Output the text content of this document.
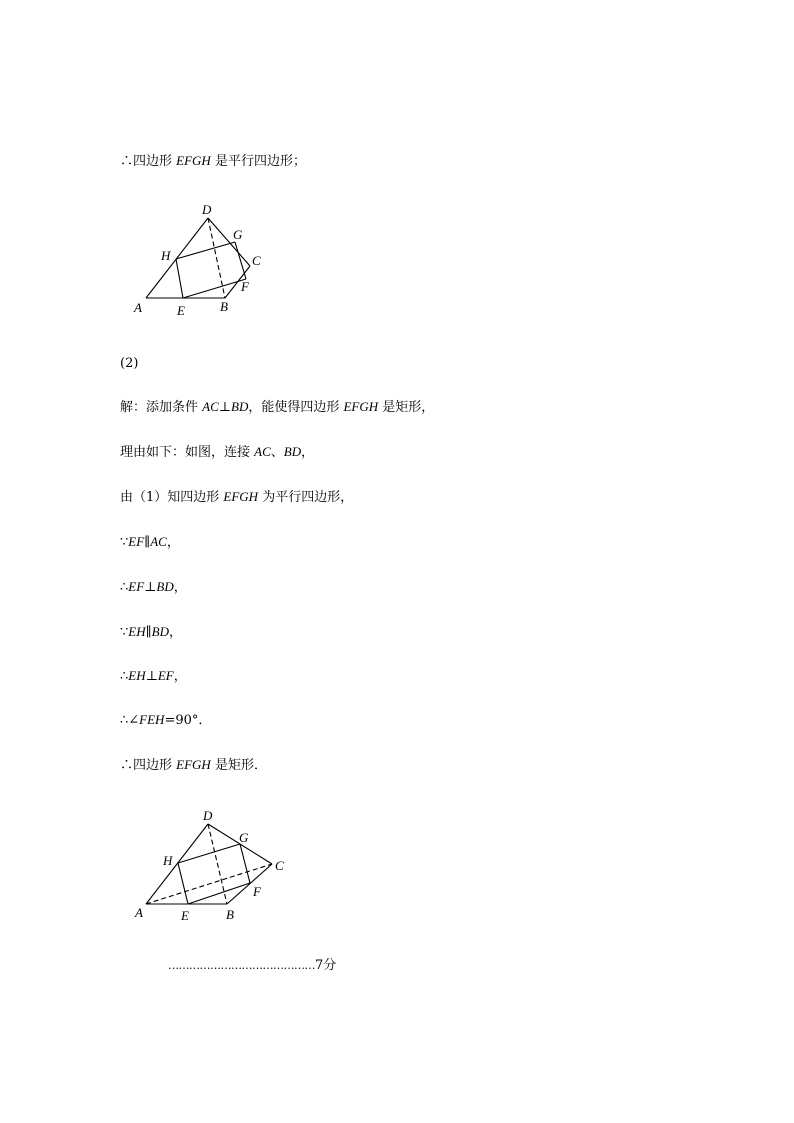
∴四边形 EFGH 是平行四边形；
D
G
H	C
F
A	E	B
(2)
解：添加条件 AC⊥BD，能使得四边形 EFGH 是矩形，
理由如下：如图，连接 AC、BD，
由（1）知四边形 EFGH 为平行四边形，
∵EF∥AC，
∴EF⊥BD，
∵EH∥BD，
∴EH⊥EF，
∴∠FEH=90°．
∴四边形 EFGH 是矩形．
D
G
H	C
F
A	E	B
……………………………………7分
